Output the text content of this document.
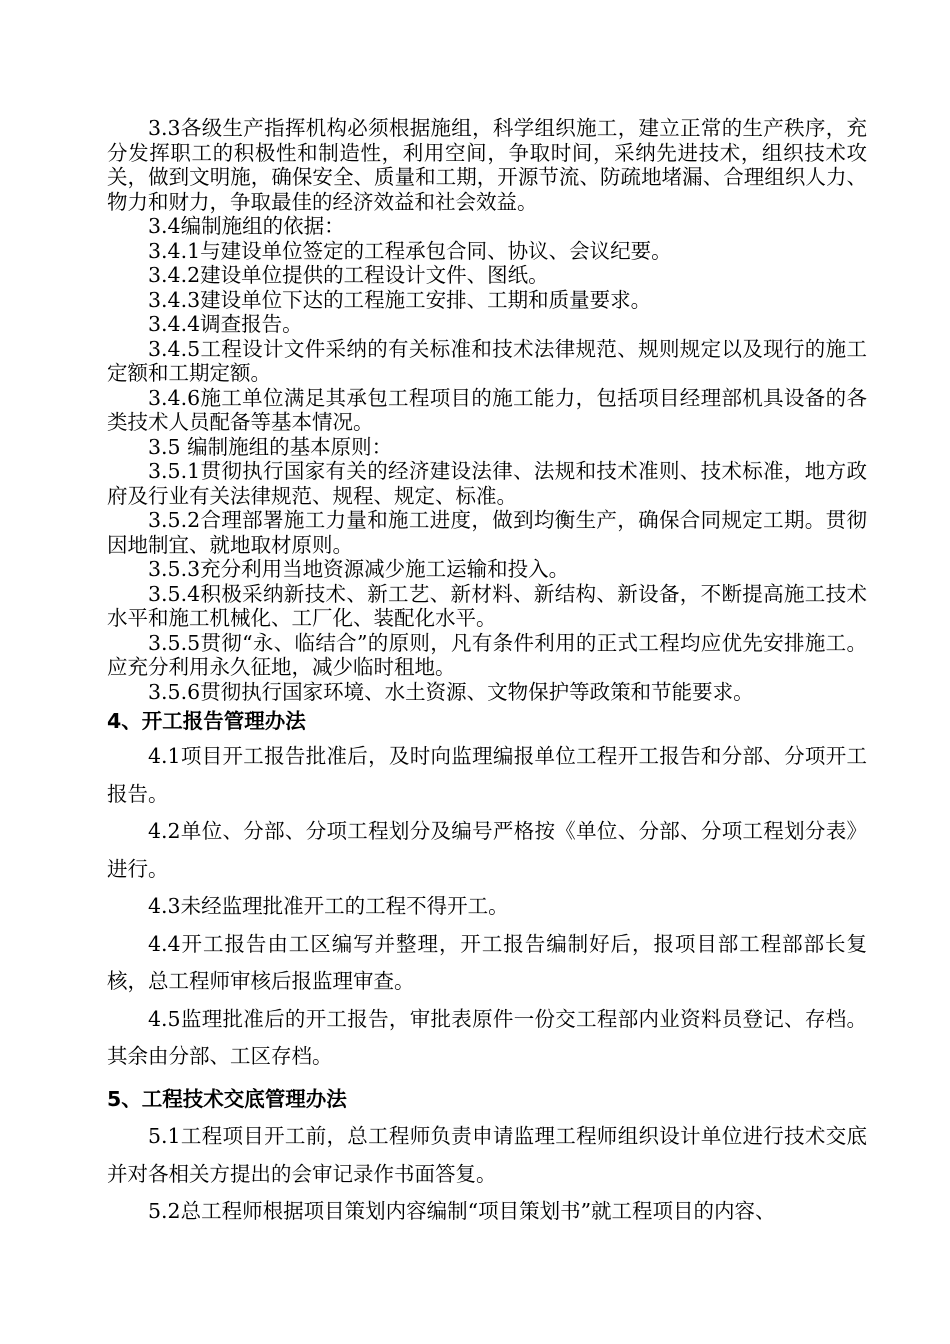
3.3各级生产指挥机构必须根据施组，科学组织施工，建立正常的生产秩序，充分发挥职工的积极性和制造性，利用空间，争取时间，采纳先进技术，组织技术攻关，做到文明施，确保安全、质量和工期，开源节流、防疏地堵漏、合理组织人力、物力和财力，争取最佳的经济效益和社会效益。

3.4编制施组的依据：

3.4.1与建设单位签定的工程承包合同、协议、会议纪要。

3.4.2建设单位提供的工程设计文件、图纸。

3.4.3建设单位下达的工程施工安排、工期和质量要求。

3.4.4调查报告。

3.4.5工程设计文件采纳的有关标准和技术法律规范、规则规定以及现行的施工定额和工期定额。

3.4.6施工单位满足其承包工程项目的施工能力，包括项目经理部机具设备的各类技术人员配备等基本情况。

3.5 编制施组的基本原则：

3.5.1贯彻执行国家有关的经济建设法律、法规和技术准则、技术标准，地方政府及行业有关法律规范、规程、规定、标准。

3.5.2合理部署施工力量和施工进度，做到均衡生产，确保合同规定工期。贯彻因地制宜、就地取材原则。

3.5.3充分利用当地资源减少施工运输和投入。

3.5.4积极采纳新技术、新工艺、新材料、新结构、新设备，不断提高施工技术水平和施工机械化、工厂化、装配化水平。

3.5.5贯彻“永、临结合”的原则，凡有条件利用的正式工程均应优先安排施工。应充分利用永久征地，减少临时租地。

3.5.6贯彻执行国家环境、水土资源、文物保护等政策和节能要求。

4、开工报告管理办法

4.1项目开工报告批准后，及时向监理编报单位工程开工报告和分部、分项开工报告。

4.2单位、分部、分项工程划分及编号严格按《单位、分部、分项工程划分表》进行。

4.3未经监理批准开工的工程不得开工。

4.4开工报告由工区编写并整理，开工报告编制好后，报项目部工程部部长复核，总工程师审核后报监理审查。

4.5监理批准后的开工报告，审批表原件一份交工程部内业资料员登记、存档。其余由分部、工区存档。

5、工程技术交底管理办法

5.1工程项目开工前，总工程师负责申请监理工程师组织设计单位进行技术交底并对各相关方提出的会审记录作书面答复。

5.2总工程师根据项目策划内容编制“项目策划书”就工程项目的内容、
